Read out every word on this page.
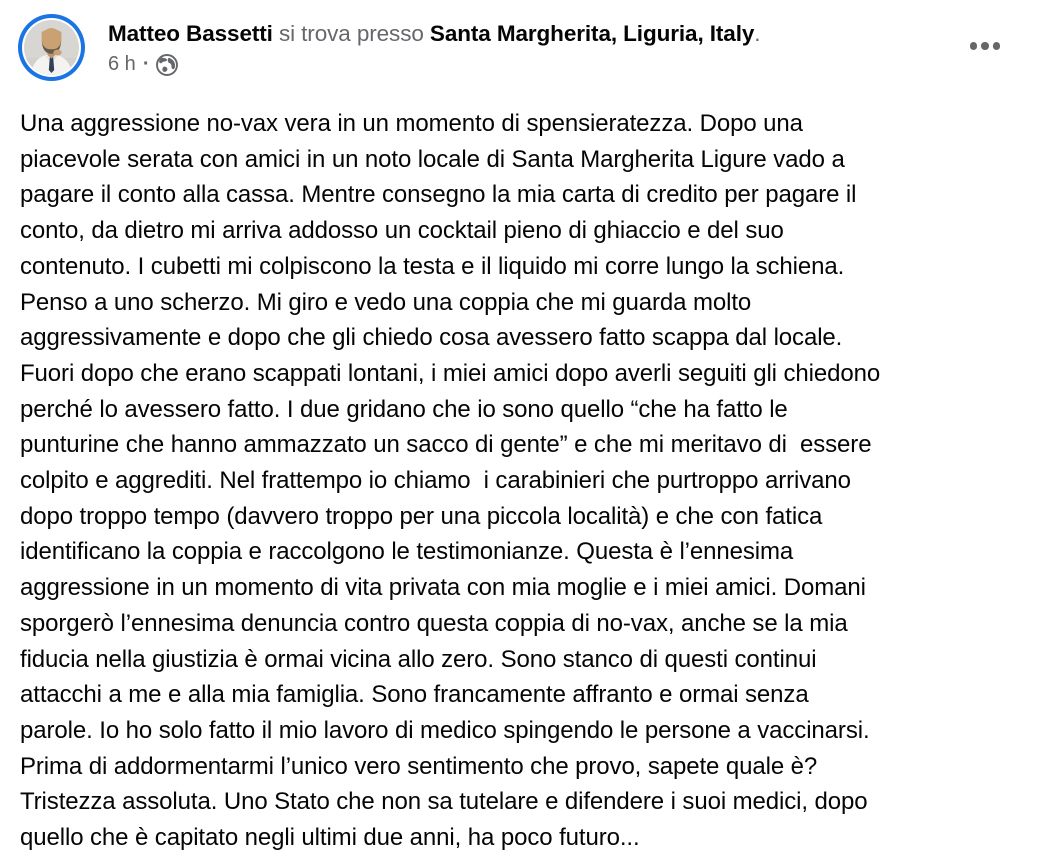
Matteo Bassetti si trova presso Santa Margherita, Liguria, Italy.
6 h ·
Una aggressione no-vax vera in un momento di spensieratezza. Dopo una
piacevole serata con amici in un noto locale di Santa Margherita Ligure vado a
pagare il conto alla cassa. Mentre consegno la mia carta di credito per pagare il
conto, da dietro mi arriva addosso un cocktail pieno di ghiaccio e del suo
contenuto. I cubetti mi colpiscono la testa e il liquido mi corre lungo la schiena.
Penso a uno scherzo. Mi giro e vedo una coppia che mi guarda molto
aggressivamente e dopo che gli chiedo cosa avessero fatto scappa dal locale.
Fuori dopo che erano scappati lontani, i miei amici dopo averli seguiti gli chiedono
perché lo avessero fatto. I due gridano che io sono quello “che ha fatto le
punturine che hanno ammazzato un sacco di gente” e che mi meritavo di  essere
colpito e aggrediti. Nel frattempo io chiamo  i carabinieri che purtroppo arrivano
dopo troppo tempo (davvero troppo per una piccola località) e che con fatica
identificano la coppia e raccolgono le testimonianze. Questa è l’ennesima
aggressione in un momento di vita privata con mia moglie e i miei amici. Domani
sporgerò l’ennesima denuncia contro questa coppia di no-vax, anche se la mia
fiducia nella giustizia è ormai vicina allo zero. Sono stanco di questi continui
attacchi a me e alla mia famiglia. Sono francamente affranto e ormai senza
parole. Io ho solo fatto il mio lavoro di medico spingendo le persone a vaccinarsi.
Prima di addormentarmi l’unico vero sentimento che provo, sapete quale è?
Tristezza assoluta. Uno Stato che non sa tutelare e difendere i suoi medici, dopo
quello che è capitato negli ultimi due anni, ha poco futuro...
